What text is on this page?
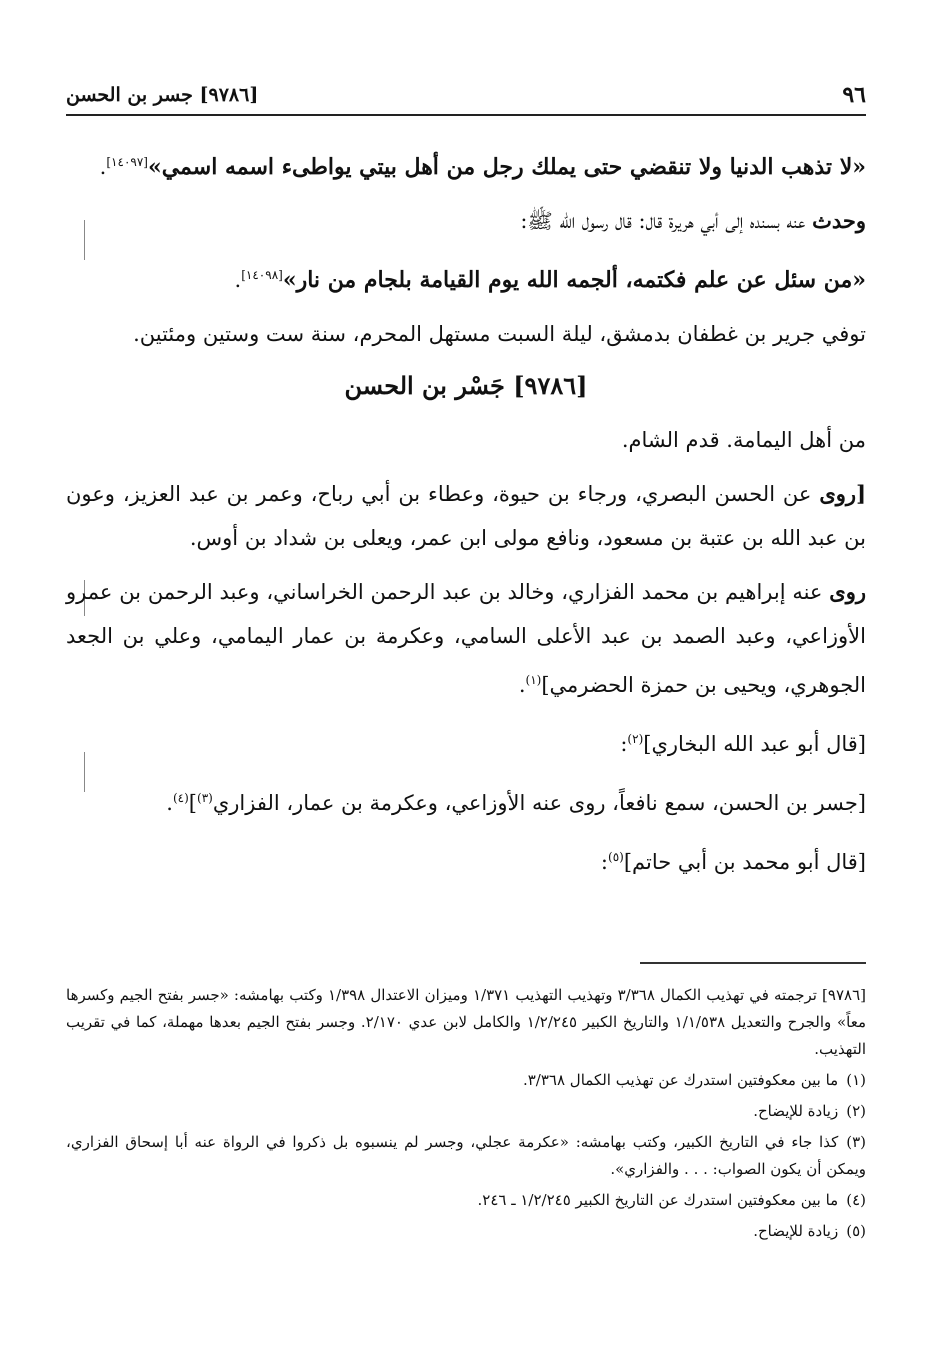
[٩٧٨٦] جسر بن الحسن	٩٦

«لا تذهب الدنيا ولا تنقضي حتى يملك رجل من أهل بيتي يواطىء اسمه اسمي»[١٤٠٩٧].

وحدث عنه بسنده إلى أبي هريرة قال: قال رسول الله ﷺ:

«من سئل عن علم فكتمه، ألجمه الله يوم القيامة بلجام من نار»[١٤٠٩٨].

توفي جرير بن غطفان بدمشق، ليلة السبت مستهل المحرم، سنة ست وستين ومئتين.

[٩٧٨٦] جَسْر بن الحسن

من أهل اليمامة. قدم الشام.

[روى عن الحسن البصري، ورجاء بن حيوة، وعطاء بن أبي رباح، وعمر بن عبد العزيز، وعون بن عبد الله بن عتبة بن مسعود، ونافع مولى ابن عمر، ويعلى بن شداد بن أوس.

روى عنه إبراهيم بن محمد الفزاري، وخالد بن عبد الرحمن الخراساني، وعبد الرحمن بن عمرو الأوزاعي، وعبد الصمد بن عبد الأعلى السامي، وعكرمة بن عمار اليمامي، وعلي بن الجعد الجوهري، ويحيى بن حمزة الحضرمي]$^{(١)}$.

[قال أبو عبد الله البخاري]$^{(٢)}$:

[جسر بن الحسن، سمع نافعاً، روى عنه الأوزاعي، وعكرمة بن عمار، الفزاري$^{(٣)}$]$^{(٤)}$.

[قال أبو محمد بن أبي حاتم]$^{(٥)}$:

[٩٧٨٦] ترجمته في تهذيب الكمال ٣/٣٦٨ وتهذيب التهذيب ١/٣٧١ وميزان الاعتدال ١/٣٩٨ وكتب بهامشه: «جسر بفتح الجيم وكسرها معاً» والجرح والتعديل ١/١/٥٣٨ والتاريخ الكبير ١/٢/٢٤٥ والكامل لابن عدي ٢/١٧٠. وجسر بفتح الجيم بعدها مهملة، كما في تقريب التهذيب.

(١)ما بين معكوفتين استدرك عن تهذيب الكمال ٣/٣٦٨.

(٢)زيادة للإيضاح.

(٣)كذا جاء في التاريخ الكبير، وكتب بهامشه: «عكرمة عجلي، وجسر لم ينسبوه بل ذكروا في الرواة عنه أبا إسحاق الفزاري، ويمكن أن يكون الصواب: . . . والفزاري».

(٤)ما بين معكوفتين استدرك عن التاريخ الكبير ١/٢/٢٤٥ ـ ٢٤٦.

(٥)زيادة للإيضاح.
